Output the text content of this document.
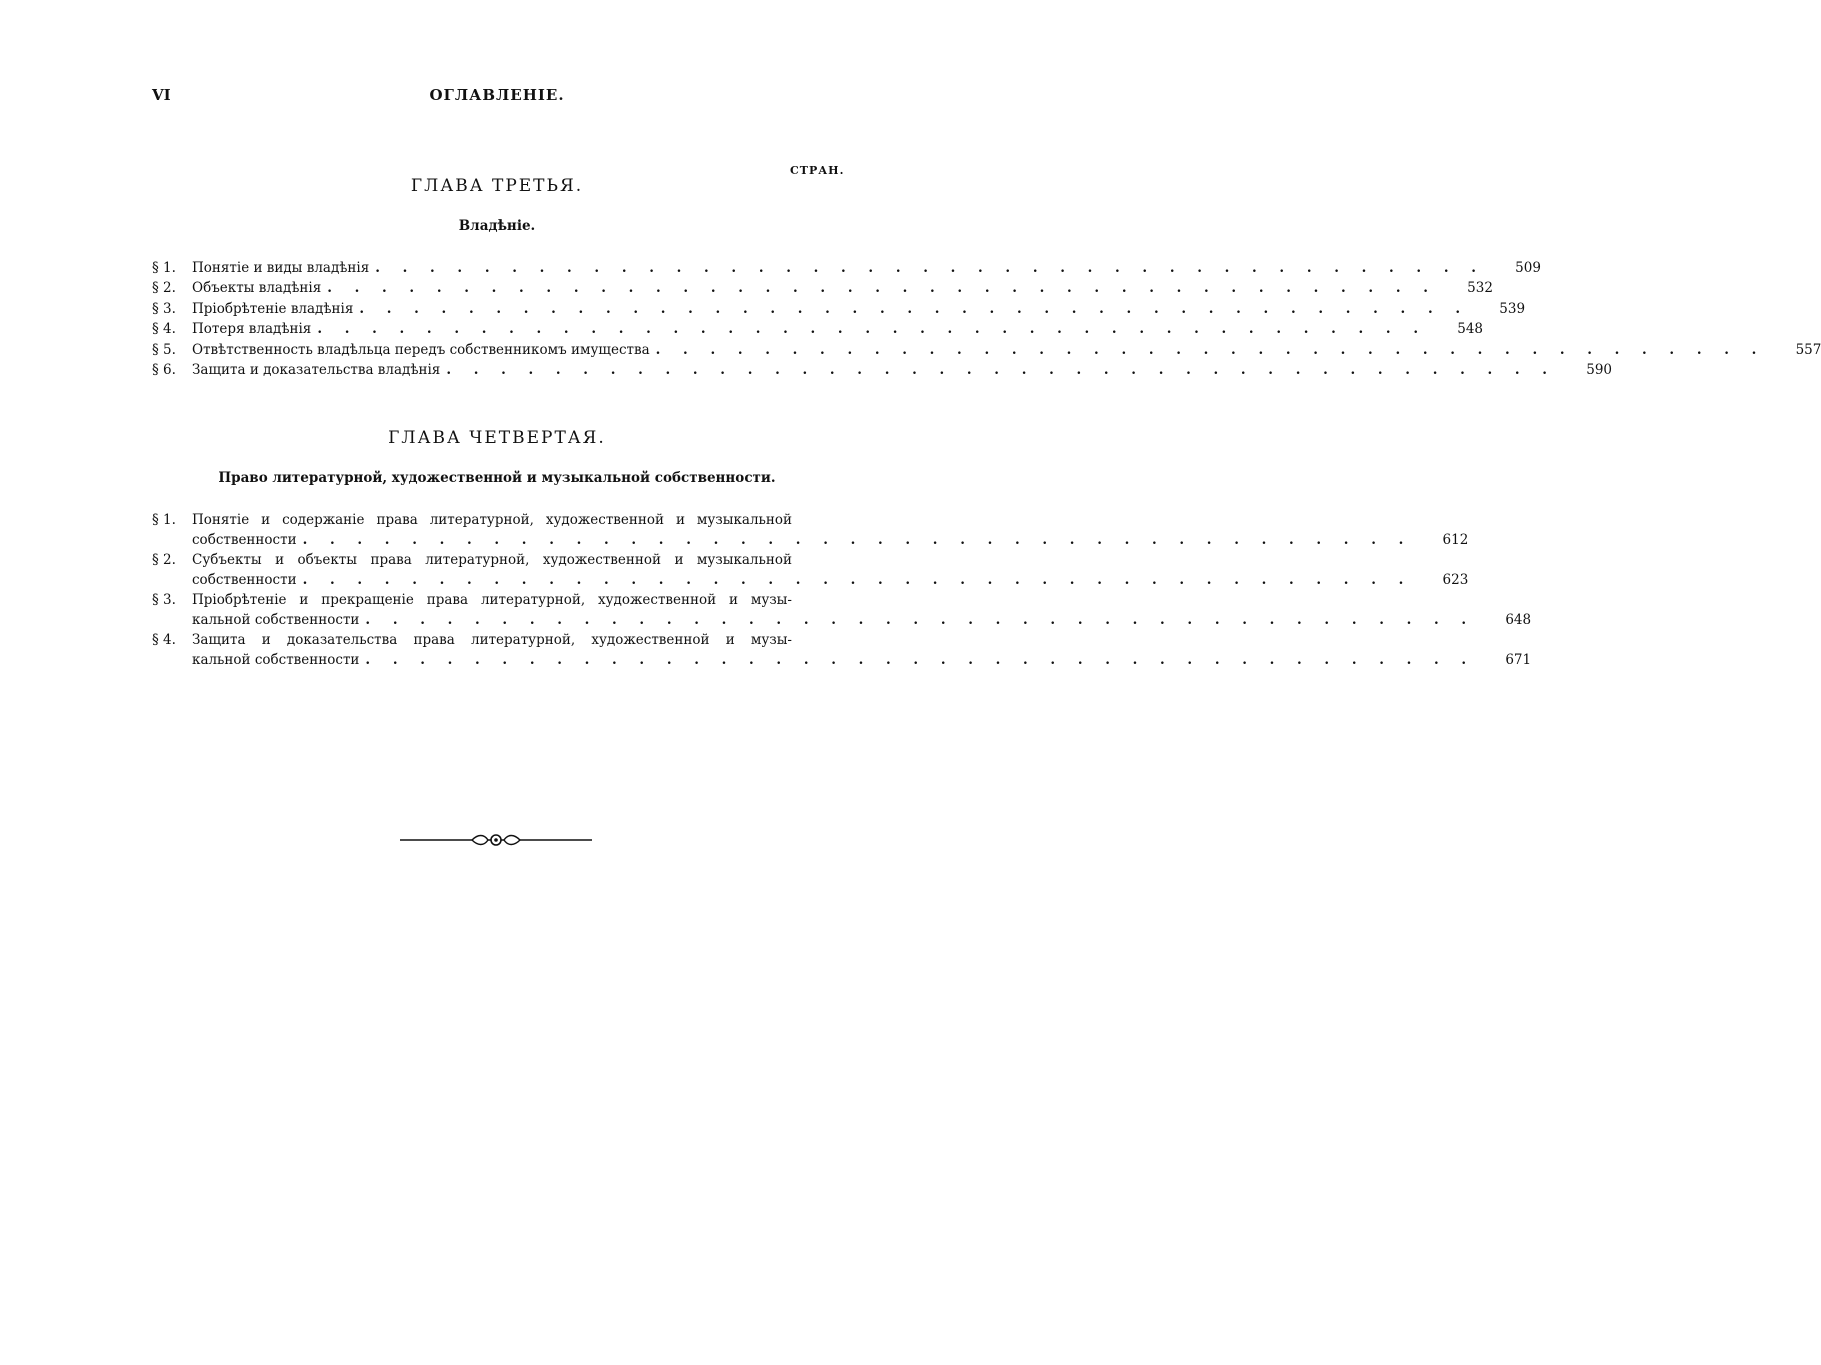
VI	ОГЛАВЛЕНІЕ.
СТРАН.
ГЛАВА ТРЕТЬЯ.
Владѣніе.
§ 1.	Понятіе и виды владѣнія . . . . . . . . . . . . . . . . . . . . . . . . . . . . . . . . . . . . . . . . .	509
§ 2.	Объекты владѣнія . . . . . . . . . . . . . . . . . . . . . . . . . . . . . . . . . . . . . . . . .	532
§ 3.	Пріобрѣтеніе владѣнія . . . . . . . . . . . . . . . . . . . . . . . . . . . . . . . . . . . . . . . . .	539
§ 4.	Потеря владѣнія . . . . . . . . . . . . . . . . . . . . . . . . . . . . . . . . . . . . . . . . .	548
§ 5.	Отвѣтственность владѣльца передъ собственникомъ имущества . . . . . . . . . . . . . . . . . . . . . . . . . . . . . . . . . . . . . . . . .	557
§ 6.	Защита и доказательства владѣнія . . . . . . . . . . . . . . . . . . . . . . . . . . . . . . . . . . . . . . . . .	590
ГЛАВА ЧЕТВЕРТАЯ.
Право литературной, художественной и музыкальной собственности.
§ 1.	Понятіе и содержаніе права литературной, художественной и музыкальной
собственности . . . . . . . . . . . . . . . . . . . . . . . . . . . . . . . . . . . . . . . . .	612
§ 2.	Субъекты и объекты права литературной, художественной и музыкальной
собственности . . . . . . . . . . . . . . . . . . . . . . . . . . . . . . . . . . . . . . . . .	623
§ 3.	Пріобрѣтеніе и прекращеніе права литературной, художественной и музы-
кальной собственности . . . . . . . . . . . . . . . . . . . . . . . . . . . . . . . . . . . . . . . . .	648
§ 4.	Защита и доказательства права литературной, художественной и музы-
кальной собственности . . . . . . . . . . . . . . . . . . . . . . . . . . . . . . . . . . . . . . . . .	671
